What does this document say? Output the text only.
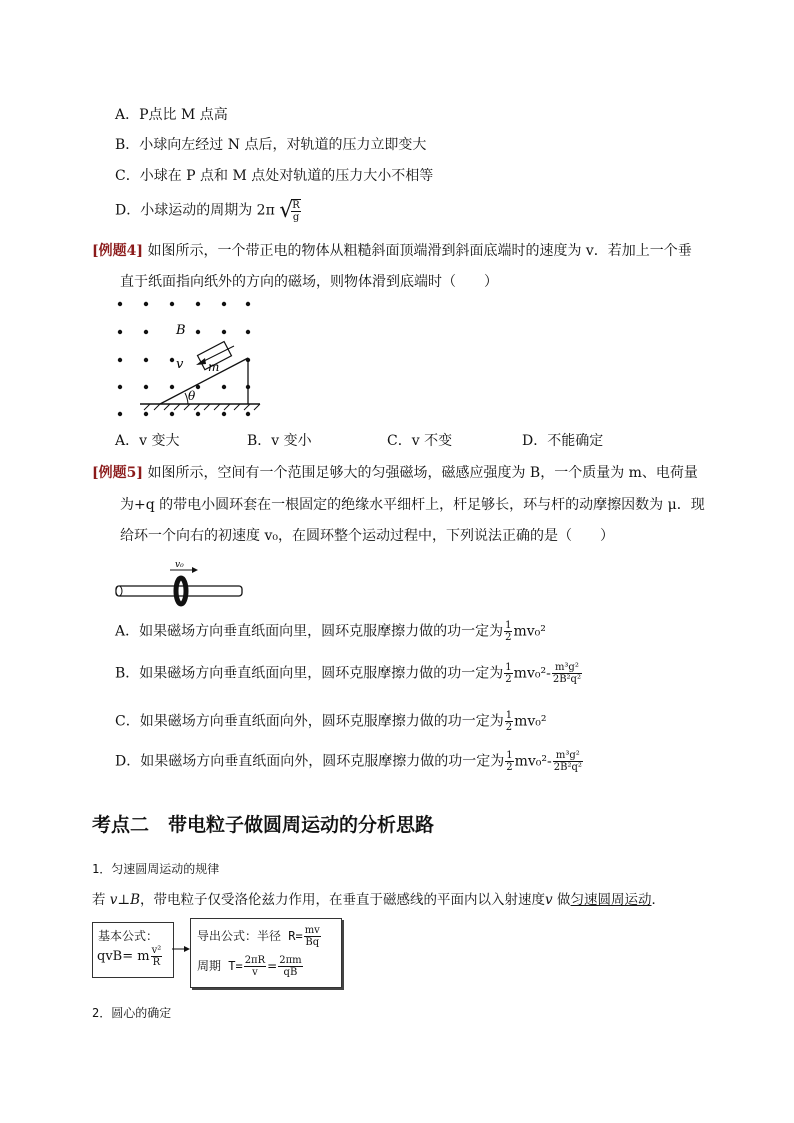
A．P点比 M 点高
B．小球向左经过 N 点后，对轨道的压力立即变大
C．小球在 P 点和 M 点处对轨道的压力大小不相等
D．小球运动的周期为 2π √
$\frac{R}{g}$
[例题4] 如图所示，一个带正电的物体从粗糙斜面顶端滑到斜面底端时的速度为 v．若加上一个垂
直于纸面指向纸外的方向的磁场，则物体滑到底端时（　　）
B
v m
θ
A．v 变大	B．v 变小	C．v 不变	D．不能确定
[例题5] 如图所示，空间有一个范围足够大的匀强磁场，磁感应强度为 B，一个质量为 m、电荷量
为+q 的带电小圆环套在一根固定的绝缘水平细杆上，杆足够长，环与杆的动摩擦因数为 μ．现
给环一个向右的初速度 v₀，在圆环整个运动过程中，下列说法正确的是（　　）
v₀
A．如果磁场方向垂直纸面向里，圆环克服摩擦力做的功一定为 $\frac{1}{2} mv_0^2$
B．如果磁场方向垂直纸面向里，圆环克服摩擦力做的功一定为 $\frac{1}{2} mv_0^2- \frac{\text{m³g²}}{\text{2B²q²}}$
C．如果磁场方向垂直纸面向外，圆环克服摩擦力做的功一定为 $\frac{1}{2} mv_0^2$
D．如果磁场方向垂直纸面向外，圆环克服摩擦力做的功一定为 $\frac{1}{2} mv_0^2- \frac{\text{m³g²}}{\text{2B²q²}}$
考点二　带电粒子做圆周运动的分析思路
1．匀速圆周运动的规律
若 v⊥B，带电粒子仅受洛伦兹力作用，在垂直于磁感线的平面内以入射速度v 做匀速圆周运动．
基本公式：
qvB= m $\frac{\text{v²}}{R}$
导出公式：半径 $R= \frac{mv}{Bq}$
周期 $T= \frac{2\pi R}{v} = \frac{2\pi m}{qB}$
2．圆心的确定
